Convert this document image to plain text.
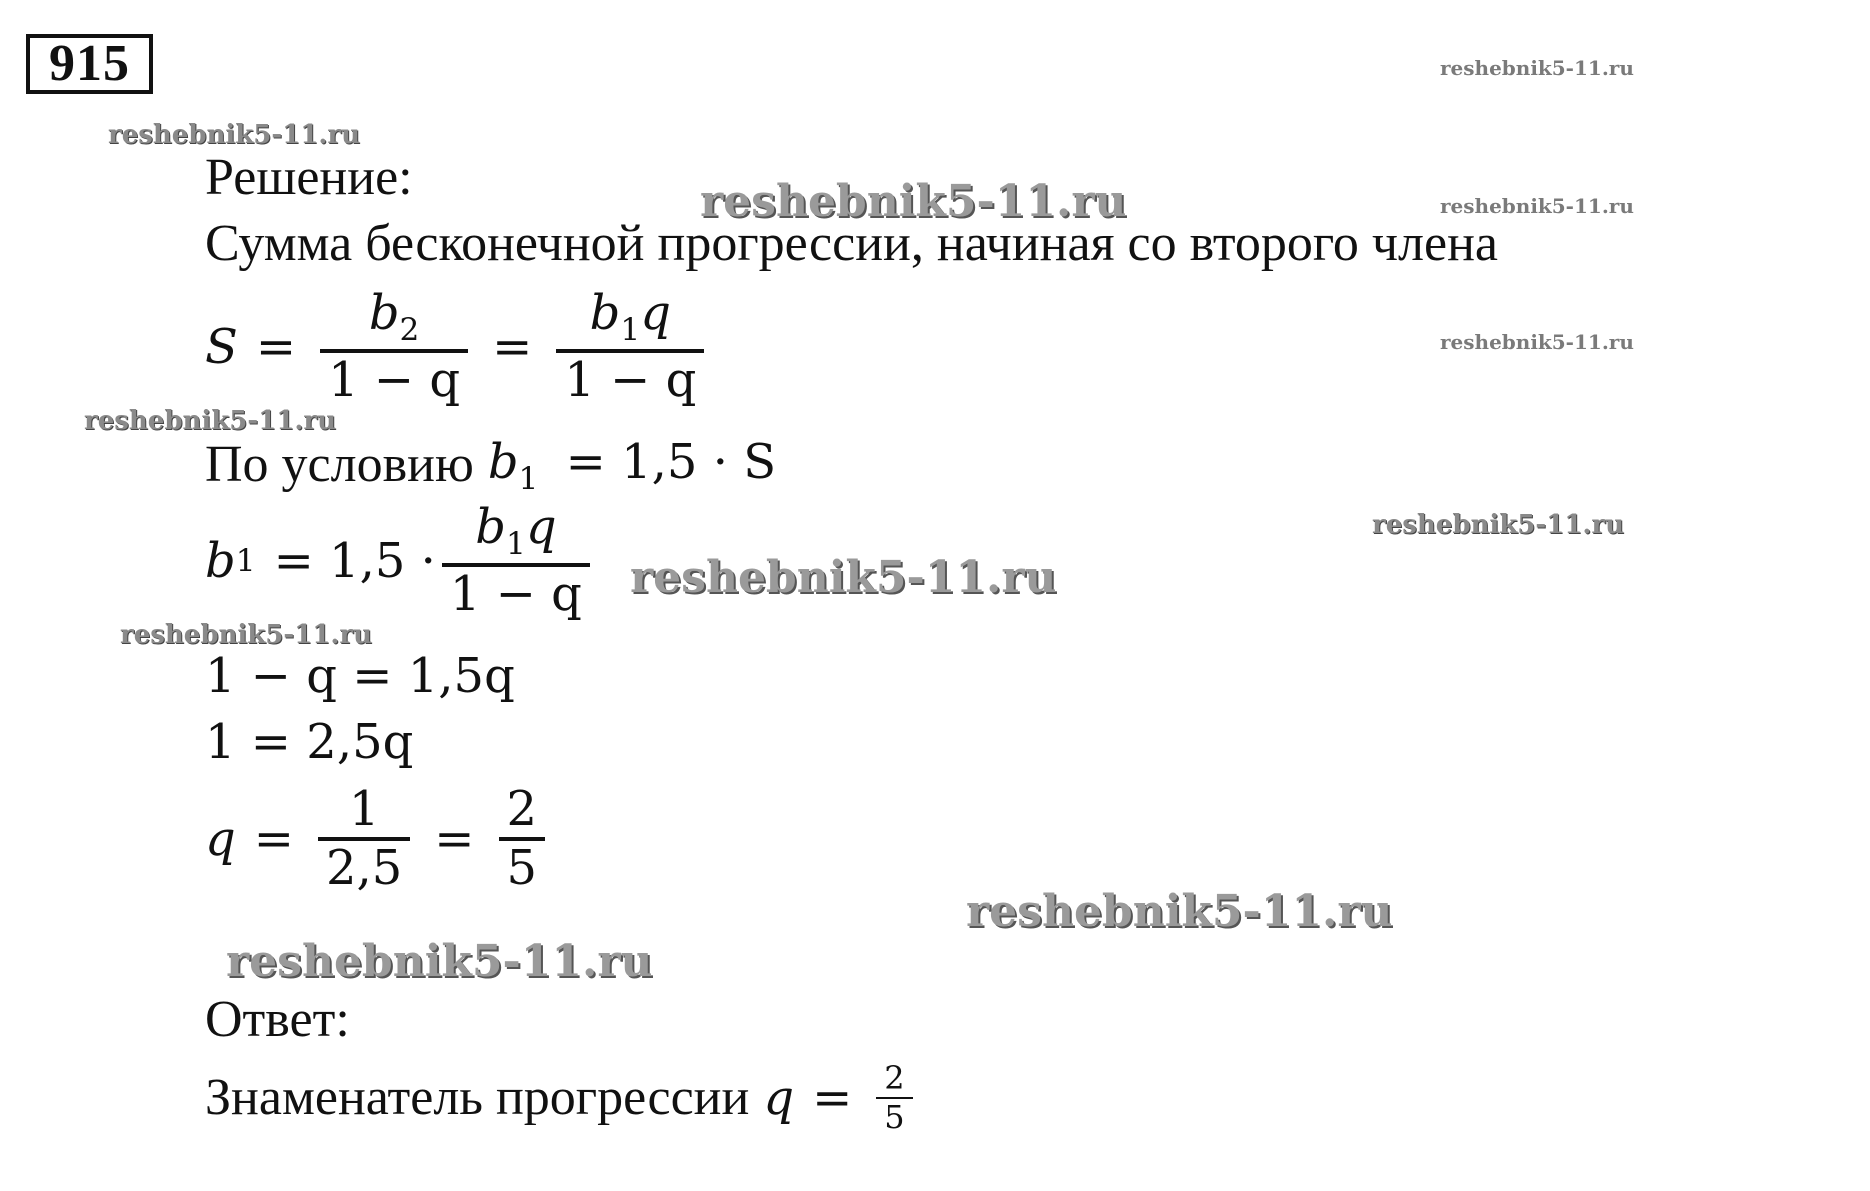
915
Решение:
Сумма бесконечной прогрессии, начиная со второго члена
$S = \frac{b_2}{1 - q} = \frac{b_1q}{1 - q}$
По условию $b_1 = 1,5 \cdot S$
b $1 = 1,5 \cdot \frac{b_1q}{1 - q}$
1 − q = 1,5q
1 = 2,5q
$q = \frac{1}{2,5} = \frac{2}{5}$
Ответ:
Знаменатель прогрессии $q = \frac{2}{5}$
reshebnik5-11.ru
reshebnik5-11.ru
reshebnik5-11.ru	reshebnik5-11.ru
reshebnik5-11.ru
reshebnik5-11.ru
reshebnik5-11.ru
reshebnik5-11.ru
reshebnik5-11.ru
reshebnik5-11.ru
reshebnik5-11.ru
